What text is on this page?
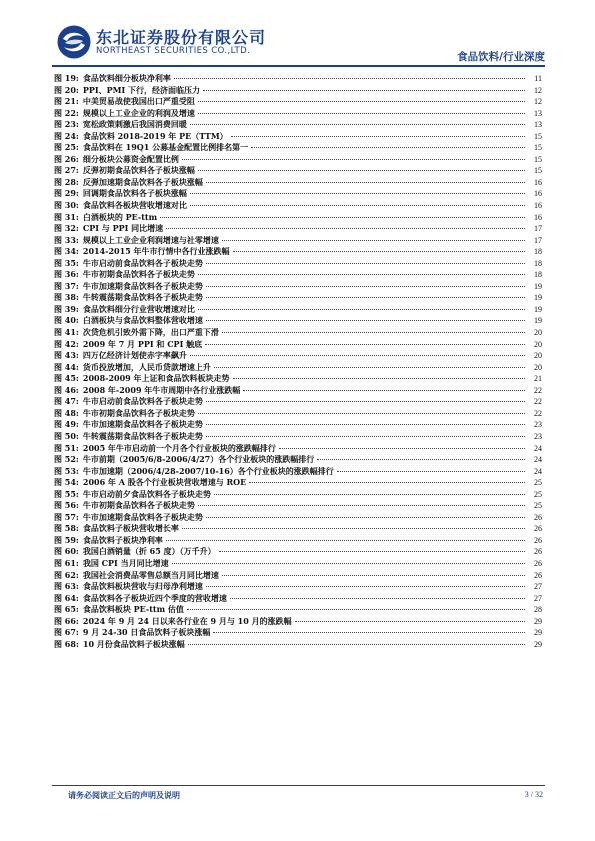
东北证券股份有限公司
NORTHEAST SECURITIES CO.,LTD.	食品饮料/行业深度
图 19: 食品饮料细分板块净利率	11
图 20: PPI、PMI 下行，经济面临压力	12
图 21: 中美贸易战使我国出口严重受阻	12
图 22: 规模以上工业企业的利润及增速	13
图 23: 宽松政策刺激后我国消费回暖	13
图 24: 食品饮料 2018-2019 年 PE（TTM）	15
图 25: 食品饮料在 19Q1 公募基金配置比例排名第一	15
图 26: 细分板块公募资金配置比例	15
图 27: 反弹初期食品饮料各子板块涨幅	15
图 28: 反弹加速期食品饮料各子板块涨幅	16
图 29: 回调期食品饮料各子板块涨幅	16
图 30: 食品饮料各板块营收增速对比	16
图 31: 白酒板块的 PE-ttm	16
图 32: CPI 与 PPI 同比增速	17
图 33: 规模以上工业企业利润增速与社零增速	17
图 34: 2014-2015 年牛市行情中各行业涨跌幅	18
图 35: 牛市启动前食品饮料各子板块走势	18
图 36: 牛市初期食品饮料各子板块走势	18
图 37: 牛市加速期食品饮料各子板块走势	19
图 38: 牛转震荡期食品饮料各子板块走势	19
图 39: 食品饮料细分行业营收增速对比	19
图 40: 白酒板块与食品饮料整体营收增速	19
图 41: 次贷危机引致外需下降，出口严重下滑	20
图 42: 2009 年 7 月 PPI 和 CPI 触底	20
图 43: 四万亿经济计划使赤字率飙升	20
图 44: 货币投放增加，人民币贷款增速上升	20
图 45: 2008-2009 年上证和食品饮料板块走势	21
图 46: 2008 年-2009 年牛市周期中各行业涨跌幅	22
图 47: 牛市启动前食品饮料各子板块走势	22
图 48: 牛市初期食品饮料各子板块走势	22
图 49: 牛市加速期食品饮料各子板块走势	23
图 50: 牛转震荡期食品饮料各子板块走势	23
图 51: 2005 年牛市启动前一个月各个行业板块的涨跌幅排行	24
图 52: 牛市前期（2005/6/8-2006/4/27）各个行业板块的涨跌幅排行	24
图 53: 牛市加速期（2006/4/28-2007/10-16）各个行业板块的涨跌幅排行	24
图 54: 2006 年 A 股各个行业板块营收增速与 ROE	25
图 55: 牛市启动前夕食品饮料各子板块走势	25
图 56: 牛市初期食品饮料各子板块走势	25
图 57: 牛市加速期食品饮料各子板块走势	26
图 58: 食品饮料子板块营收增长率	26
图 59: 食品饮料子板块净利率	26
图 60: 我国白酒销量（折 65 度）（万千升）	26
图 61: 我国 CPI 当月同比增速	26
图 62: 我国社会消费品零售总额当月同比增速	26
图 63: 食品饮料板块营收与归母净利增速	27
图 64: 食品饮料各子板块近四个季度的营收增速	27
图 65: 食品饮料板块 PE-ttm 估值	28
图 66: 2024 年 9 月 24 日以来各行业在 9 月与 10 月的涨跌幅	29
图 67: 9 月 24-30 日食品饮料子板块涨幅	29
图 68: 10 月份食品饮料子板块涨幅	29
请务必阅读正文后的声明及说明	3 / 32
